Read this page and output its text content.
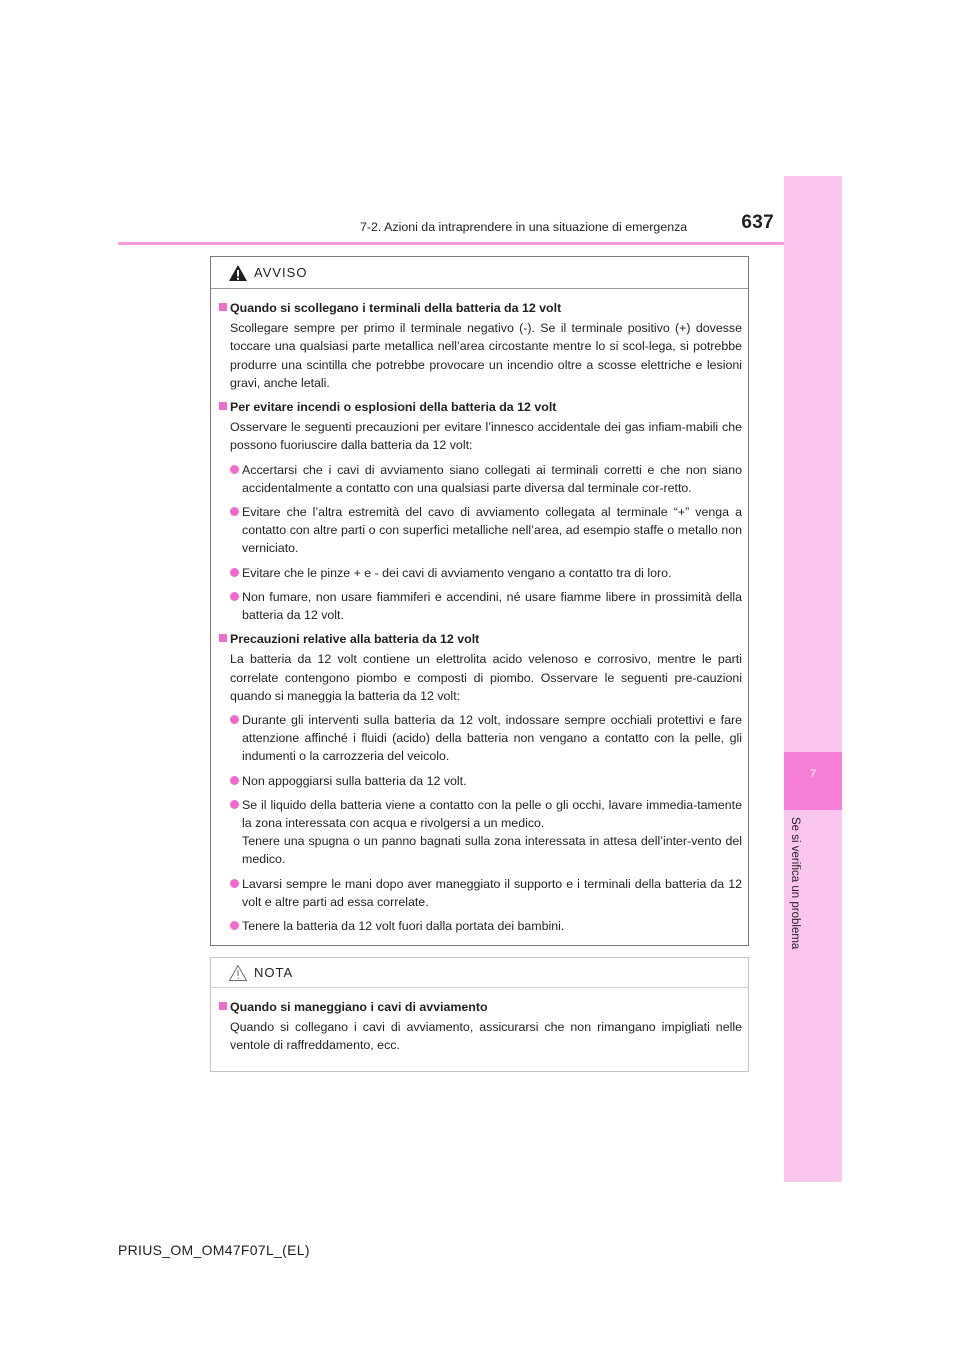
7
Se si verifica un problema
637
7-2. Azioni da intraprendere in una situazione di emergenza
AVVISO
Quando si scollegano i terminali della batteria da 12 volt
Scollegare sempre per primo il terminale negativo (-). Se il terminale positivo (+) dovesse toccare una qualsiasi parte metallica nell’area circostante mentre lo si scol-lega, si potrebbe produrre una scintilla che potrebbe provocare un incendio oltre a scosse elettriche e lesioni gravi, anche letali.
Per evitare incendi o esplosioni della batteria da 12 volt
Osservare le seguenti precauzioni per evitare l’innesco accidentale dei gas infiam-mabili che possono fuoriuscire dalla batteria da 12 volt:
Accertarsi che i cavi di avviamento siano collegati ai terminali corretti e che non siano accidentalmente a contatto con una qualsiasi parte diversa dal terminale cor-retto.
Evitare che l’altra estremità del cavo di avviamento collegata al terminale “+” venga a contatto con altre parti o con superfici metalliche nell’area, ad esempio staffe o metallo non verniciato.
Evitare che le pinze + e - dei cavi di avviamento vengano a contatto tra di loro.
Non fumare, non usare fiammiferi e accendini, né usare fiamme libere in prossimità della batteria da 12 volt.
Precauzioni relative alla batteria da 12 volt
La batteria da 12 volt contiene un elettrolita acido velenoso e corrosivo, mentre le parti correlate contengono piombo e composti di piombo. Osservare le seguenti pre-cauzioni quando si maneggia la batteria da 12 volt:
Durante gli interventi sulla batteria da 12 volt, indossare sempre occhiali protettivi e fare attenzione affinché i fluidi (acido) della batteria non vengano a contatto con la pelle, gli indumenti o la carrozzeria del veicolo.
Non appoggiarsi sulla batteria da 12 volt.
Se il liquido della batteria viene a contatto con la pelle o gli occhi, lavare immedia-tamente la zona interessata con acqua e rivolgersi a un medico.
Tenere una spugna o un panno bagnati sulla zona interessata in attesa dell’inter-vento del medico.
Lavarsi sempre le mani dopo aver maneggiato il supporto e i terminali della batteria da 12 volt e altre parti ad essa correlate.
Tenere la batteria da 12 volt fuori dalla portata dei bambini.
NOTA
Quando si maneggiano i cavi di avviamento
Quando si collegano i cavi di avviamento, assicurarsi che non rimangano impigliati nelle ventole di raffreddamento, ecc.
PRIUS_OM_OM47F07L_(EL)
